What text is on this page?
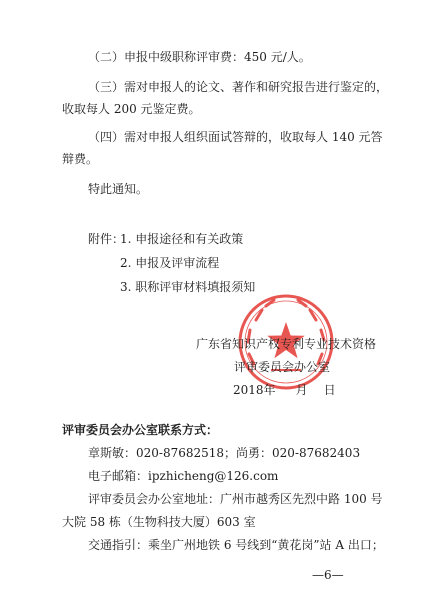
（二）申报中级职称评审费：450 元/人。
（三）需对申报人的论文、著作和研究报告进行鉴定的，
收取每人 200 元鉴定费。
（四）需对申报人组织面试答辩的，收取每人 140 元答
辩费。
特此通知。
附件：
1. 申报途径和有关政策
2. 申报及评审流程
3. 职称评审材料填报须知
广东省知识产权专利专业技术资格
评审委员会办公室
2018年 月 日
评审委员会办公室联系方式：
章斯敏：020-87682518；尚勇：020-87682403
电子邮箱：ipzhicheng@126.com
评审委员会办公室地址：广州市越秀区先烈中路 100 号
大院 58 栋（生物科技大厦）603 室
交通指引：乘坐广州地铁 6 号线到“黄花岗”站 A 出口；
—6—
